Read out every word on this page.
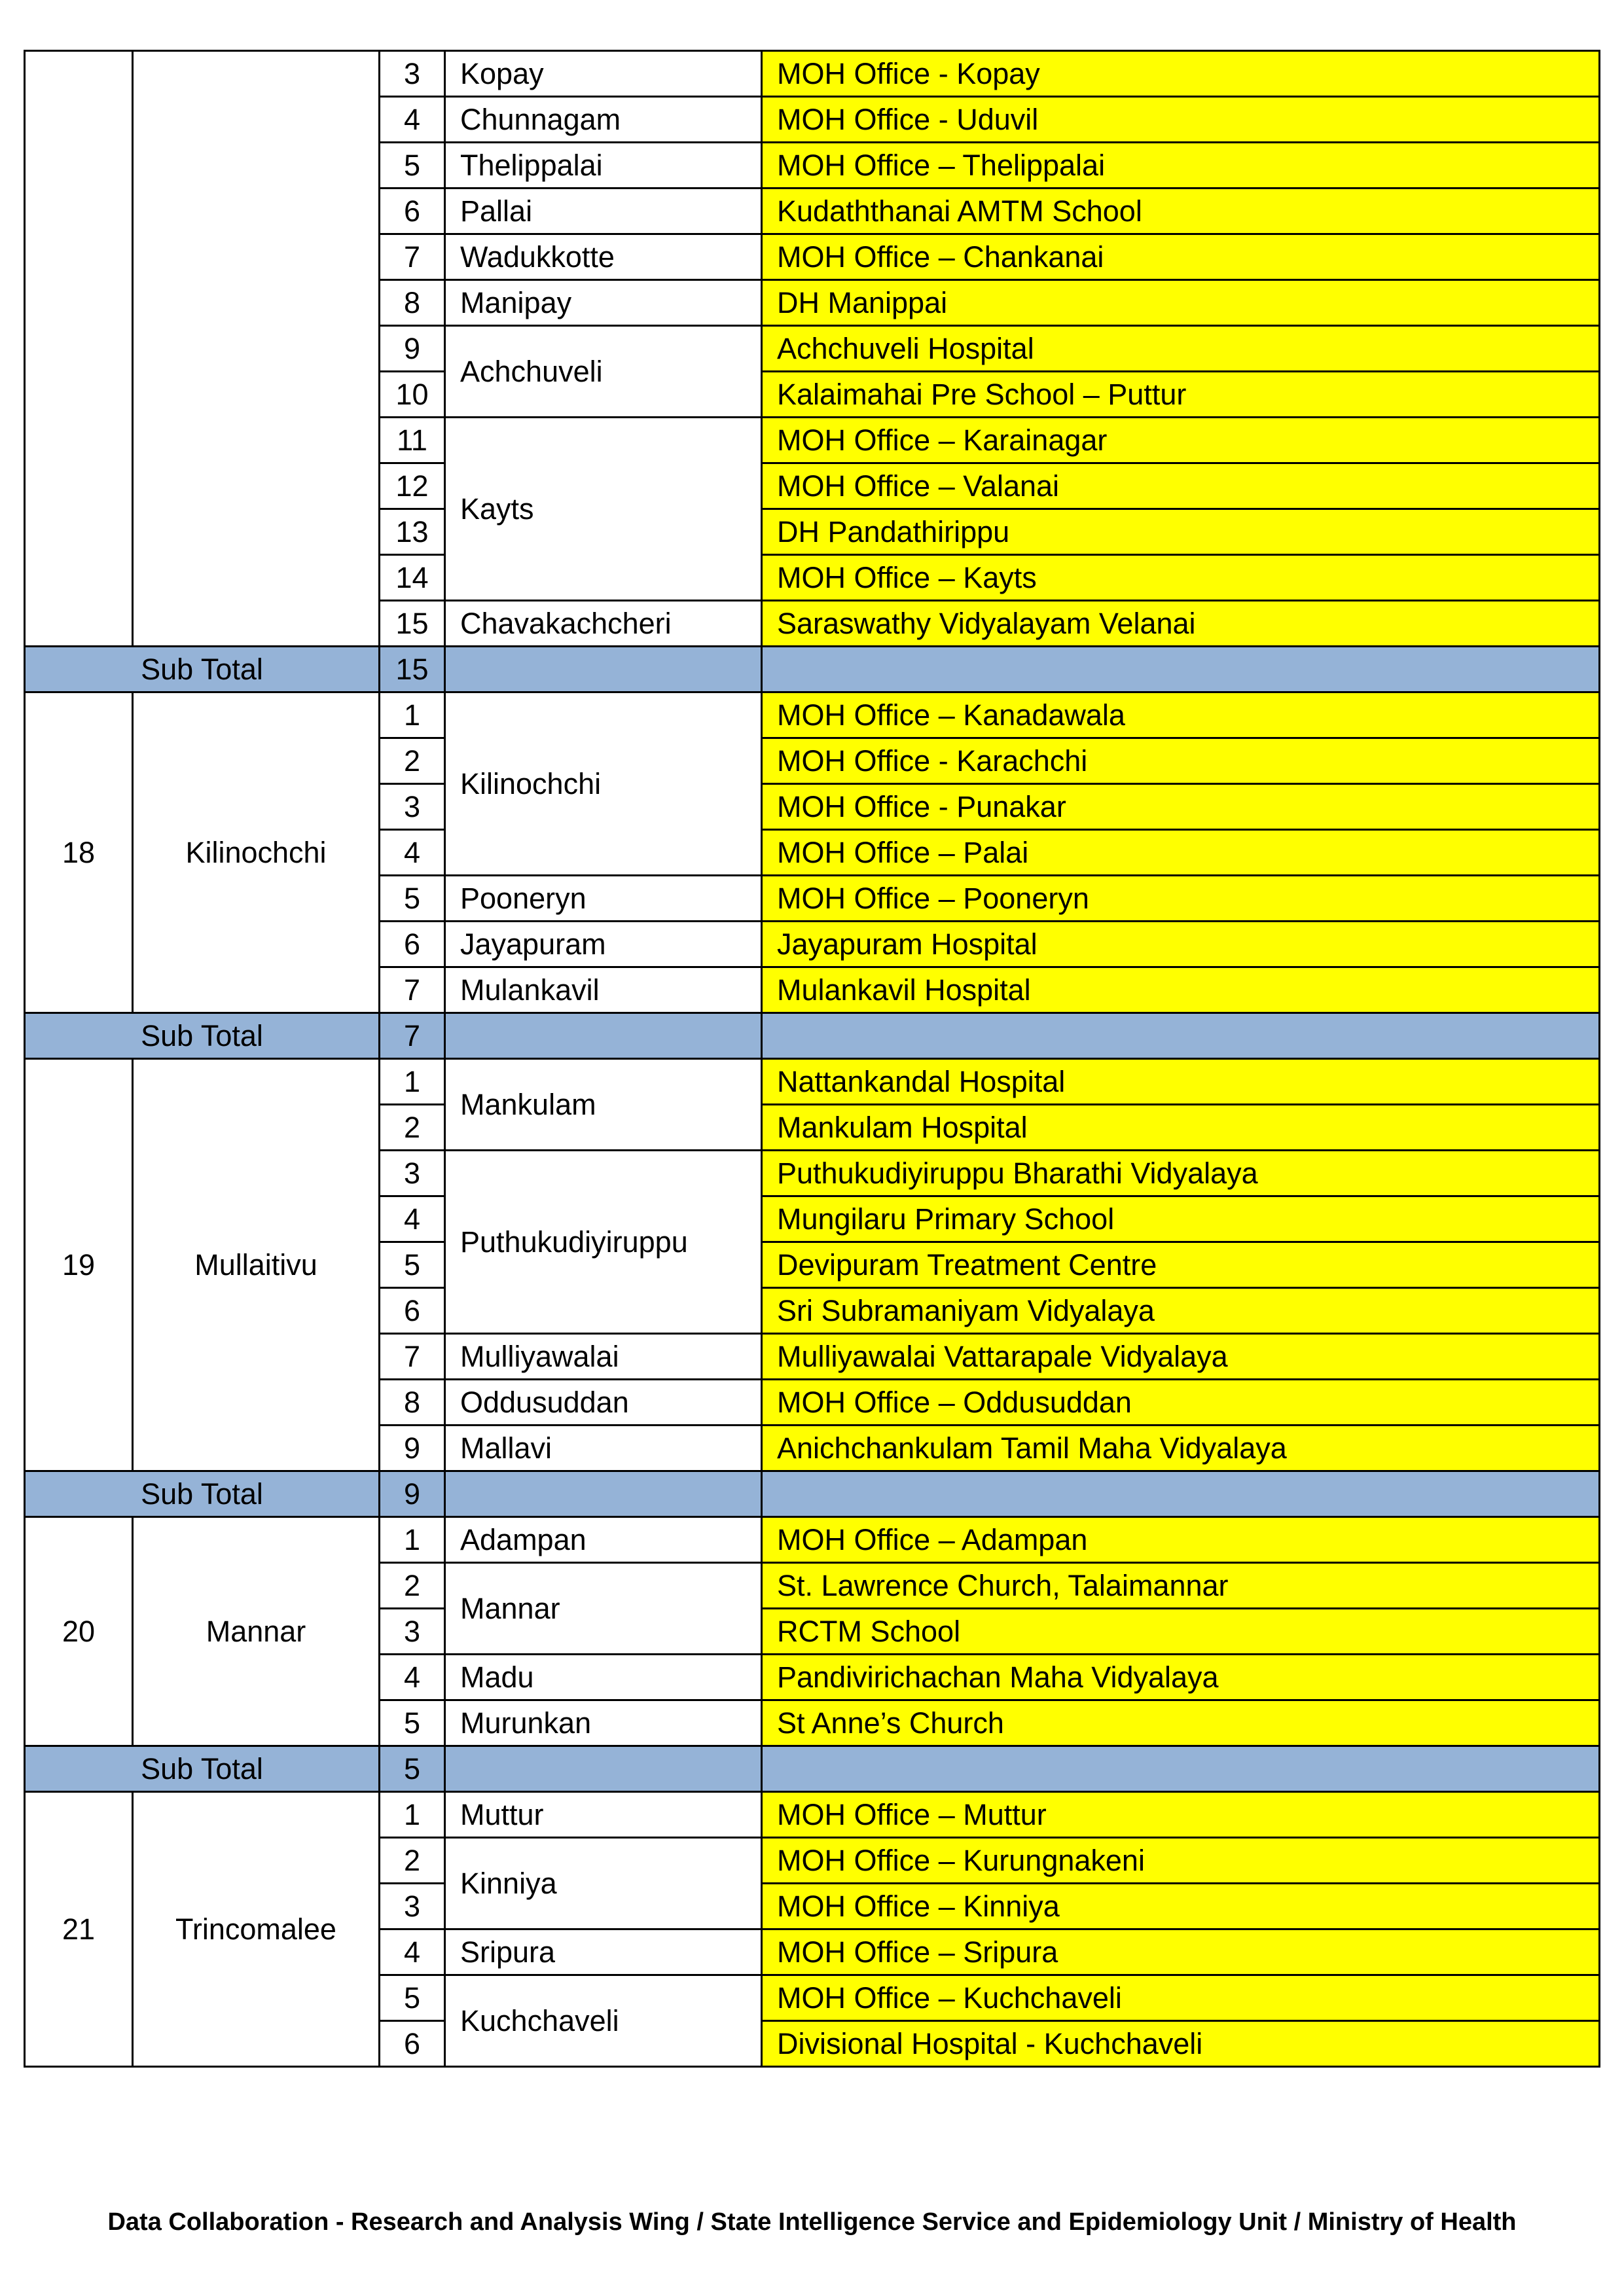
		3	Kopay	MOH Office - Kopay
		4	Chunnagam	MOH Office - Uduvil
		5	Thelippalai	MOH Office – Thelippalai
		6	Pallai	Kudaththanai AMTM School
		7	Wadukkotte	MOH Office – Chankanai
		8	Manipay	DH Manippai
		9	Achchuveli	Achchuveli Hospital
		10		Kalaimahai Pre School – Puttur
		11	Kayts	MOH Office – Karainagar
		12		MOH Office – Valanai
		13		DH Pandathirippu
		14		MOH Office – Kayts
		15	Chavakachcheri	Saraswathy Vidyalayam Velanai
Sub Total		15		
18	Kilinochchi	1	Kilinochchi	MOH Office – Kanadawala
		2		MOH Office - Karachchi
		3		MOH Office - Punakar
		4		MOH Office – Palai
		5	Pooneryn	MOH Office – Pooneryn
		6	Jayapuram	Jayapuram Hospital
		7	Mulankavil	Mulankavil Hospital
Sub Total		7		
19	Mullaitivu	1	Mankulam	Nattankandal Hospital
		2		Mankulam Hospital
		3	Puthukudiyiruppu	Puthukudiyiruppu Bharathi Vidyalaya
		4		Mungilaru Primary School
		5		Devipuram Treatment Centre
		6		Sri Subramaniyam Vidyalaya
		7	Mulliyawalai	Mulliyawalai Vattarapale Vidyalaya
		8	Oddusuddan	MOH Office – Oddusuddan
		9	Mallavi	Anichchankulam Tamil Maha Vidyalaya
Sub Total		9		
20	Mannar	1	Adampan	MOH Office – Adampan
		2	Mannar	St. Lawrence Church, Talaimannar
		3		RCTM School
		4	Madu	Pandivirichachan Maha Vidyalaya
		5	Murunkan	St Anne’s Church
Sub Total		5		
21	Trincomalee	1	Muttur	MOH Office – Muttur
		2	Kinniya	MOH Office – Kurungnakeni
		3		MOH Office – Kinniya
		4	Sripura	MOH Office – Sripura
		5	Kuchchaveli	MOH Office – Kuchchaveli
		6		Divisional Hospital - Kuchchaveli
Data Collaboration - Research and Analysis Wing / State Intelligence Service and Epidemiology Unit / Ministry of Health
